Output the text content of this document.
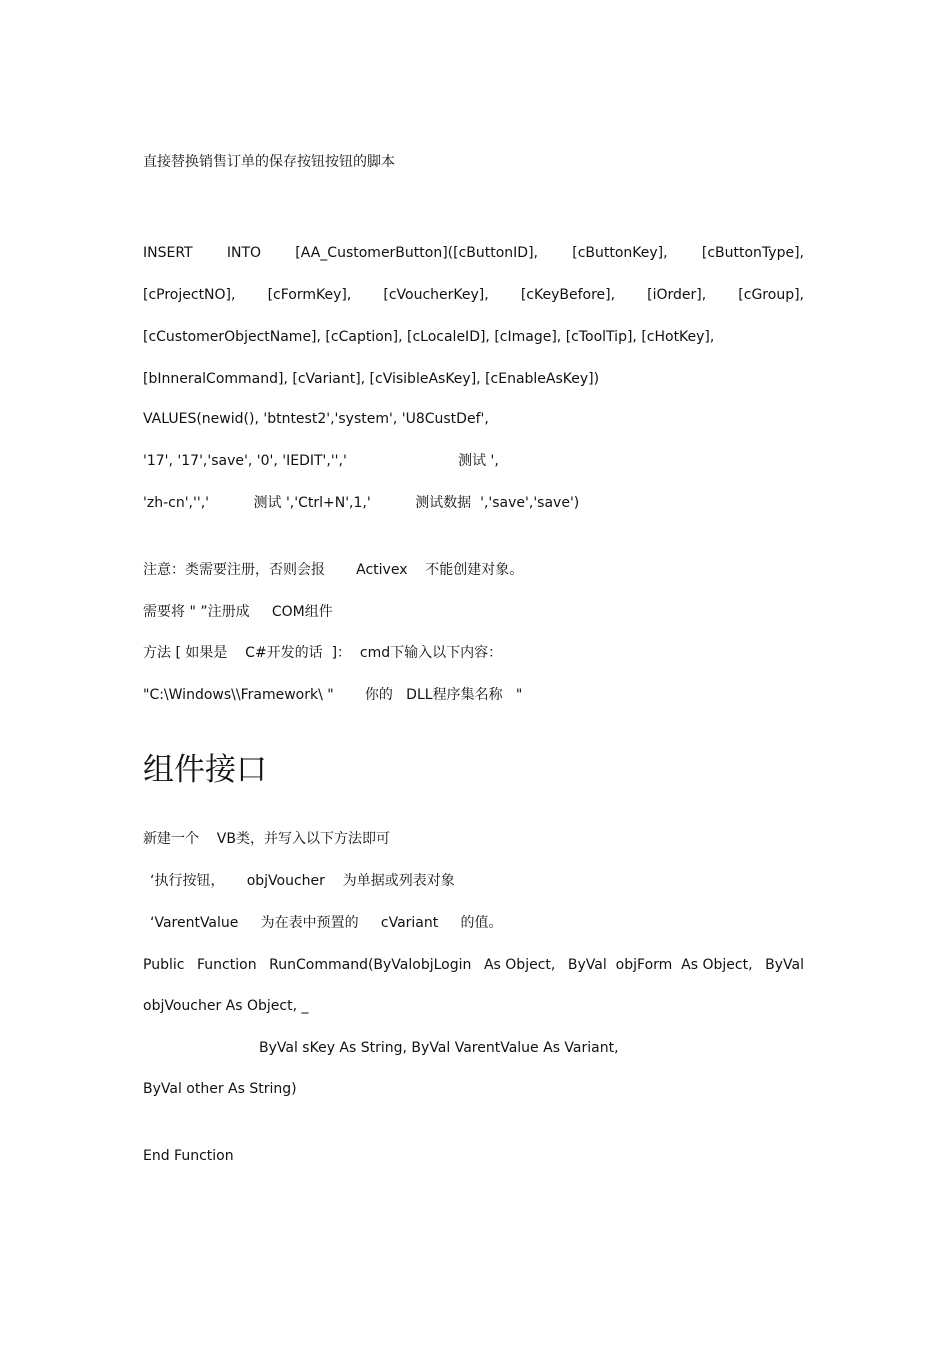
直接替换销售订单的保存按钮按钮的脚本
INSERT INTO [AA_CustomerButton]([cButtonID], [cButtonKey], [cButtonType],
[cProjectNO], [cFormKey], [cVoucherKey], [cKeyBefore], [iOrder], [cGroup],
[cCustomerObjectName], [cCaption], [cLocaleID], [cImage], [cToolTip], [cHotKey],
[bInneralCommand], [cVariant], [cVisibleAsKey], [cEnableAsKey])
VALUES(newid(), 'btntest2','system', 'U8CustDef',
'17', '17','save', '0', 'IEDIT','','                         测试 ',
'zh-cn','','          测试 ','Ctrl+N',1,'          测试数据  ','save','save')
注意：类需要注册，否则会报       Activex    不能创建对象。
需要将 " ”注册成     COM组件
方法 [ 如果是    C#开发的话  ]：  cmd下输入以下内容：
"C:\Windows\\Framework\ "       你的   DLL程序集名称   "
组件接口
新建一个    VB类，并写入以下方法即可
‘执行按钮，     objVoucher    为单据或列表对象
‘VarentValue     为在表中预置的     cVariant     的值。
Public Function RunCommand(ByValobjLogin As Object, ByVal  objForm  As Object, ByVal
objVoucher As Object, _
ByVal sKey As String, ByVal VarentValue As Variant,
ByVal other As String)
End Function
